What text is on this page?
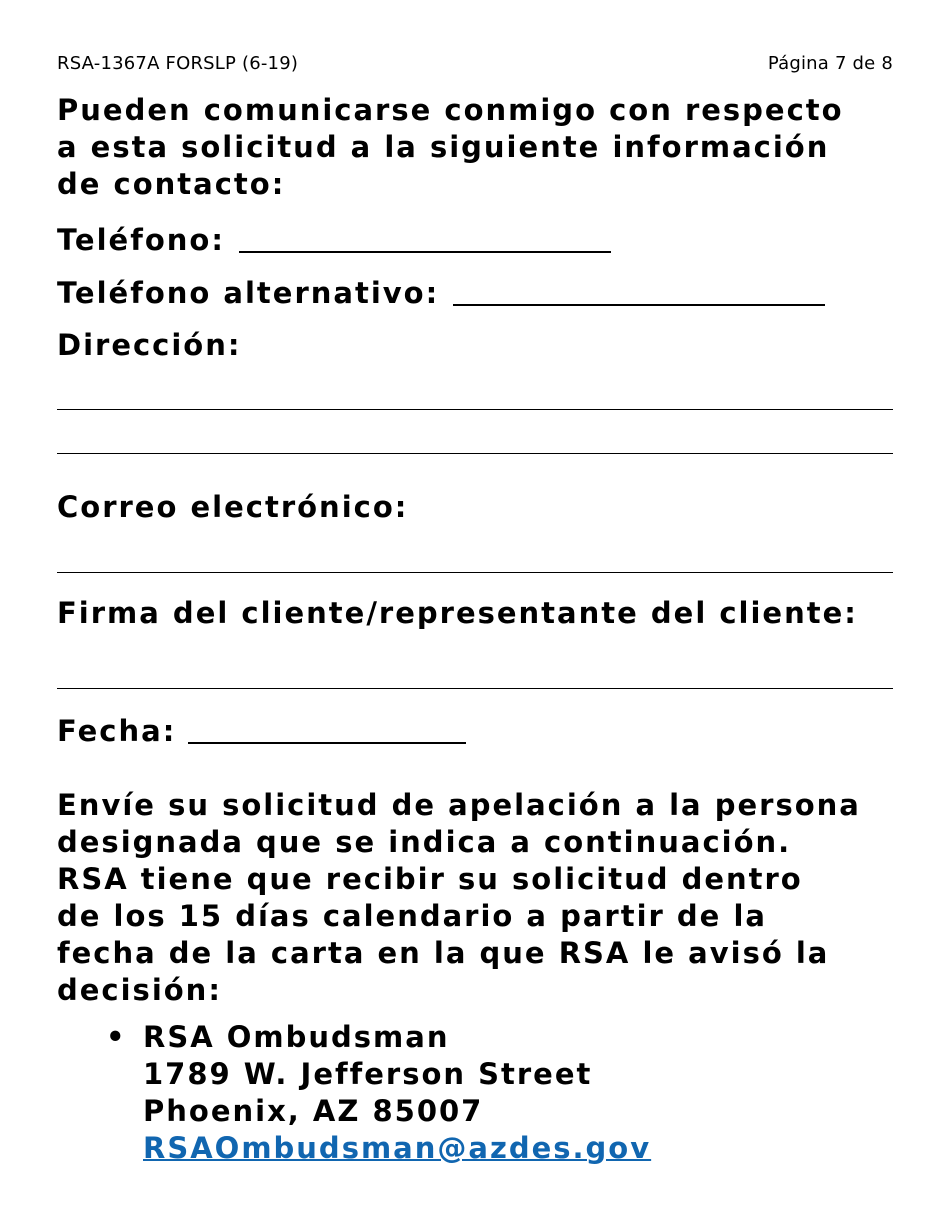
RSA-1367A FORSLP (6-19)	Página 7 de 8
Pueden comunicarse conmigo con respecto
a esta solicitud a la siguiente información
de contacto:
Teléfono:
Teléfono alternativo:
Dirección:
Correo electrónico:
Firma del cliente/representante del cliente:
Fecha:
Envíe su solicitud de apelación a la persona
designada que se indica a continuación.
RSA tiene que recibir su solicitud dentro
de los 15 días calendario a partir de la
fecha de la carta en la que RSA le avisó la
decisión:
• RSA Ombudsman
1789 W. Jefferson Street
Phoenix, AZ 85007
RSAOmbudsman@azdes.gov
